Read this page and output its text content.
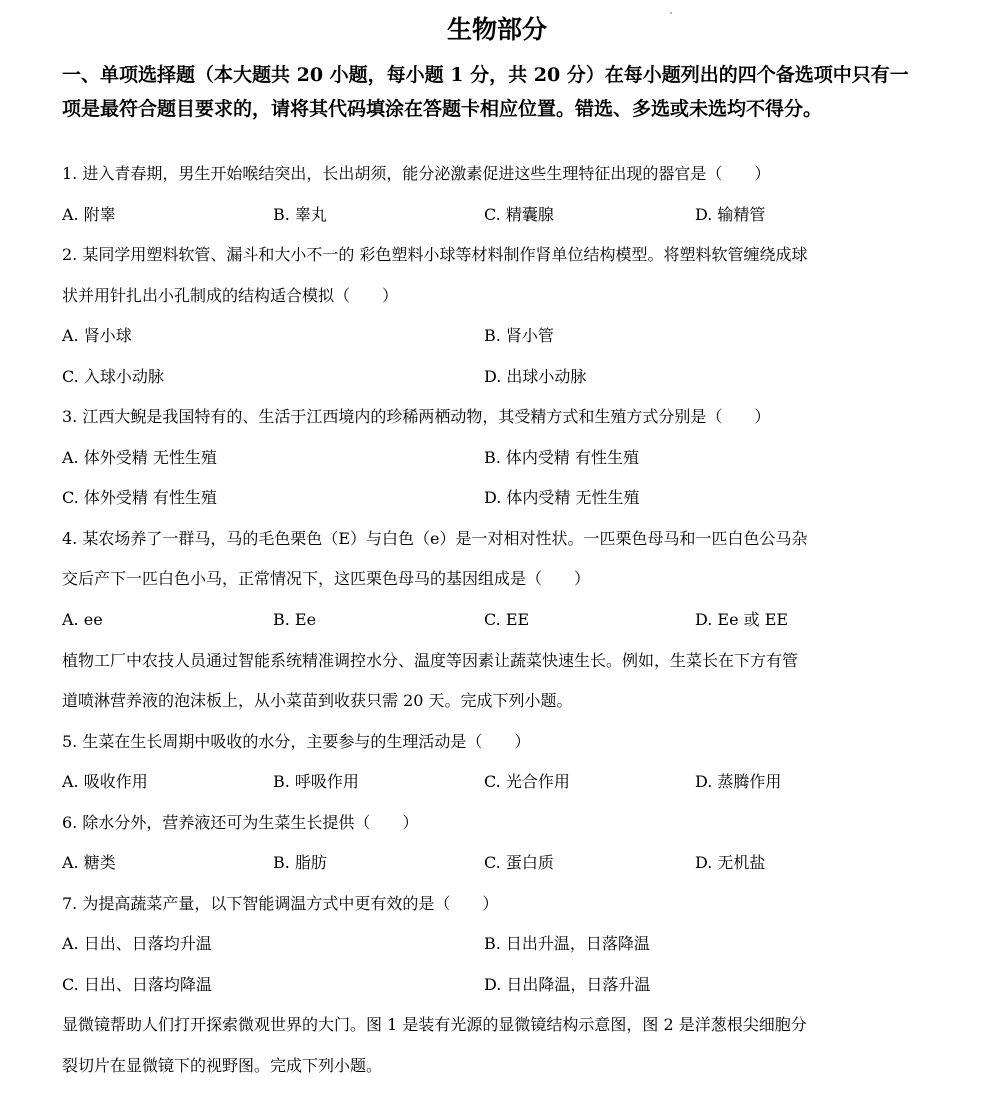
生物部分
一、单项选择题（本大题共 20 小题，每小题 1 分，共 20 分）在每小题列出的四个备选项中只有一项是最符合题目要求的，请将其代码填涂在答题卡相应位置。错选、多选或未选均不得分。
1. 进入青春期，男生开始喉结突出，长出胡须，能分泌激素促进这些生理特征出现的器官是（　　）
A. 附睾	B. 睾丸	C. 精囊腺	D. 输精管
2. 某同学用塑料软管、漏斗和大小不一的 彩色塑料小球等材料制作肾单位结构模型。将塑料软管缠绕成球
状并用针扎出小孔制成的结构适合模拟（　　）
A. 肾小球	B. 肾小管
C. 入球小动脉	D. 出球小动脉
3. 江西大鲵是我国特有的、生活于江西境内的珍稀两栖动物，其受精方式和生殖方式分别是（　　）
A. 体外受精 无性生殖	B. 体内受精 有性生殖
C. 体外受精 有性生殖	D. 体内受精 无性生殖
4. 某农场养了一群马，马的毛色栗色（E）与白色（e）是一对相对性状。一匹栗色母马和一匹白色公马杂
交后产下一匹白色小马，正常情况下，这匹栗色母马的基因组成是（　　）
A. ee	B. Ee	C. EE	D. Ee 或 EE
植物工厂中农技人员通过智能系统精准调控水分、温度等因素让蔬菜快速生长。例如，生菜长在下方有管
道喷淋营养液的泡沫板上，从小菜苗到收获只需 20 天。完成下列小题。
5. 生菜在生长周期中吸收的水分，主要参与的生理活动是（　　）
A. 吸收作用	B. 呼吸作用	C. 光合作用	D. 蒸腾作用
6. 除水分外，营养液还可为生菜生长提供（　　）
A. 糖类	B. 脂肪	C. 蛋白质	D. 无机盐
7. 为提高蔬菜产量，以下智能调温方式中更有效的是（　　）
A. 日出、日落均升温	B. 日出升温，日落降温
C. 日出、日落均降温	D. 日出降温，日落升温
显微镜帮助人们打开探索微观世界的大门。图 1 是装有光源的显微镜结构示意图，图 2 是洋葱根尖细胞分
裂切片在显微镜下的视野图。完成下列小题。
